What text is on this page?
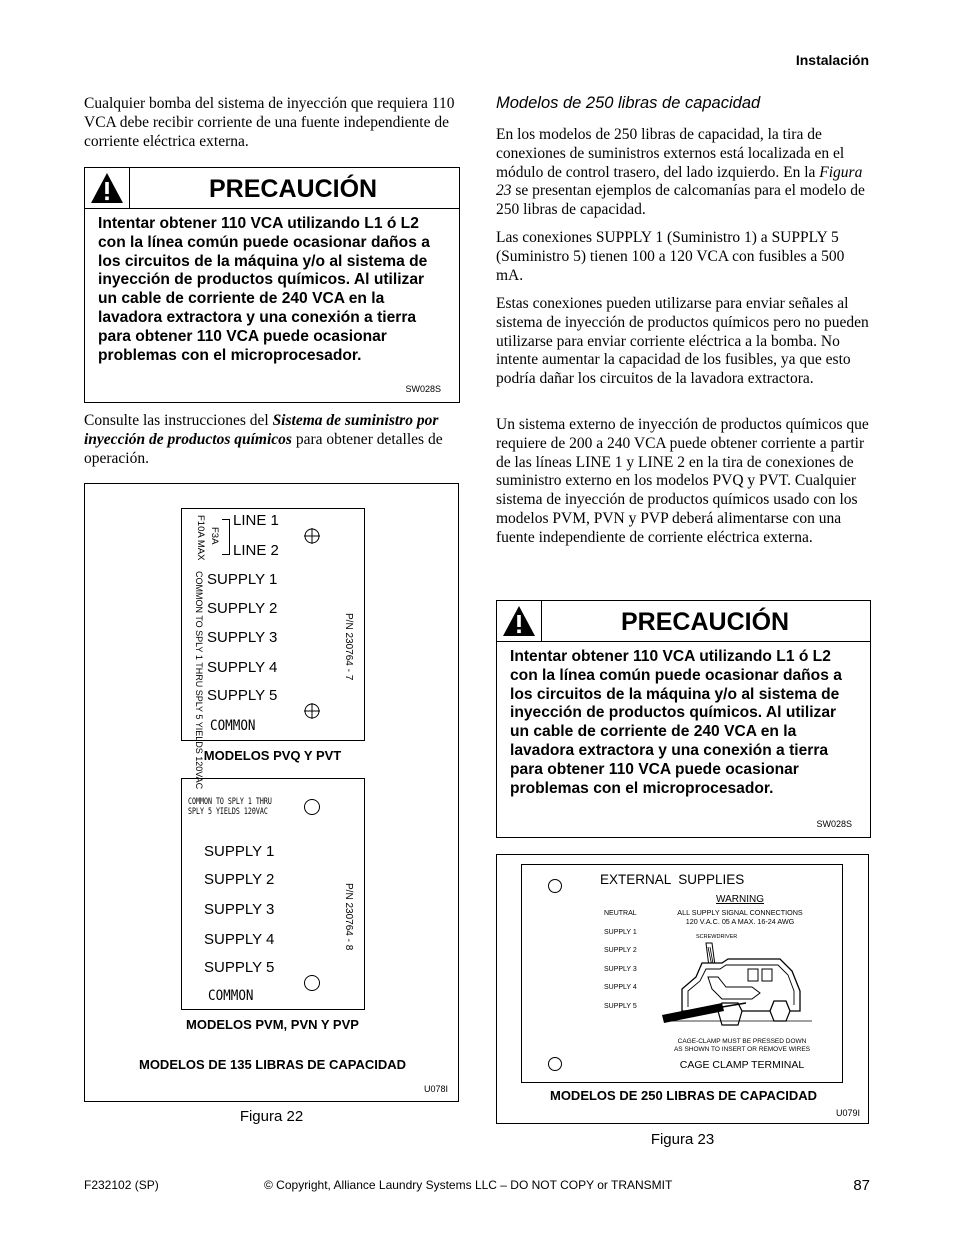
Instalación

Cualquier bomba del sistema de inyección que requiera 110 VCA debe recibir corriente de una fuente independiente de corriente eléctrica externa.

PRECAUCIÓN
Intentar obtener 110 VCA utilizando L1 ó L2 con la línea común puede ocasionar daños a los circuitos de la máquina y/o al sistema de inyección de productos químicos. Al utilizar un cable de corriente de 240 VCA en la lavadora extractora y una conexión a tierra para obtener 110 VCA puede ocasionar problemas con el microprocesador.
SW028S

Consulte las instrucciones del Sistema de suministro por inyección de productos químicos para obtener detalles de operación.

F10A MAX F3A
COMMON TO SPLY 1 THRU SPLY 5 YIELDS 120VAC	P/N 230764 - 7
LINE 1
LINE 2
SUPPLY 1
SUPPLY 2
SUPPLY 3
SUPPLY 4
SUPPLY 5
COMMON
MODELOS PVQ Y PVT
COMMON TO SPLY 1 THRU
SPLY 5 YIELDS 120VAC
P/N 230764 - 8
SUPPLY 1
SUPPLY 2
SUPPLY 3
SUPPLY 4
SUPPLY 5
COMMON
MODELOS PVM, PVN Y PVP
MODELOS DE 135 LIBRAS DE CAPACIDAD
U078I
Figura 22
Modelos de 250 libras de capacidad

En los modelos de 250 libras de capacidad, la tira de conexiones de suministros externos está localizada en el módulo de control trasero, del lado izquierdo. En la Figura 23 se presentan ejemplos de calcomanías para el modelo de 250 libras de capacidad.

Las conexiones SUPPLY 1 (Suministro 1) a SUPPLY 5 (Suministro 5) tienen 100 a 120 VCA con fusibles a 500 mA.

Estas conexiones pueden utilizarse para enviar señales al sistema de inyección de productos químicos pero no pueden utilizarse para enviar corriente eléctrica a la bomba. No intente aumentar la capacidad de los fusibles, ya que esto podría dañar los circuitos de la lavadora extractora.

Un sistema externo de inyección de productos químicos que requiere de 200 a 240 VCA puede obtener corriente a partir de las líneas LINE 1 y LINE 2 en la tira de conexiones de suministro externo en los modelos PVQ y PVT. Cualquier sistema de inyección de productos químicos usado con los modelos PVM, PVN y PVP deberá alimentarse con una fuente independiente de corriente eléctrica externa.

PRECAUCIÓN
Intentar obtener 110 VCA utilizando L1 ó L2 con la línea común puede ocasionar daños a los circuitos de la máquina y/o al sistema de inyección de productos químicos. Al utilizar un cable de corriente de 240 VCA en la lavadora extractora y una conexión a tierra para obtener 110 VCA puede ocasionar problemas con el microprocesador.
SW028S
EXTERNAL  SUPPLIES
WARNING
ALL SUPPLY SIGNAL CONNECTIONS
120 V.A.C. 05 A MAX. 16-24 AWG
NEUTRAL
SUPPLY 1
SUPPLY 2
SUPPLY 3
SUPPLY 4
SUPPLY 5
SCREWDRIVER
CAGE-CLAMP MUST BE PRESSED DOWN
AS SHOWN TO INSERT OR REMOVE WIRES
CAGE CLAMP TERMINAL
MODELOS DE 250 LIBRAS DE CAPACIDAD
U079I
Figura 23
F232102 (SP)	© Copyright, Alliance Laundry Systems LLC – DO NOT COPY or TRANSMIT	87
